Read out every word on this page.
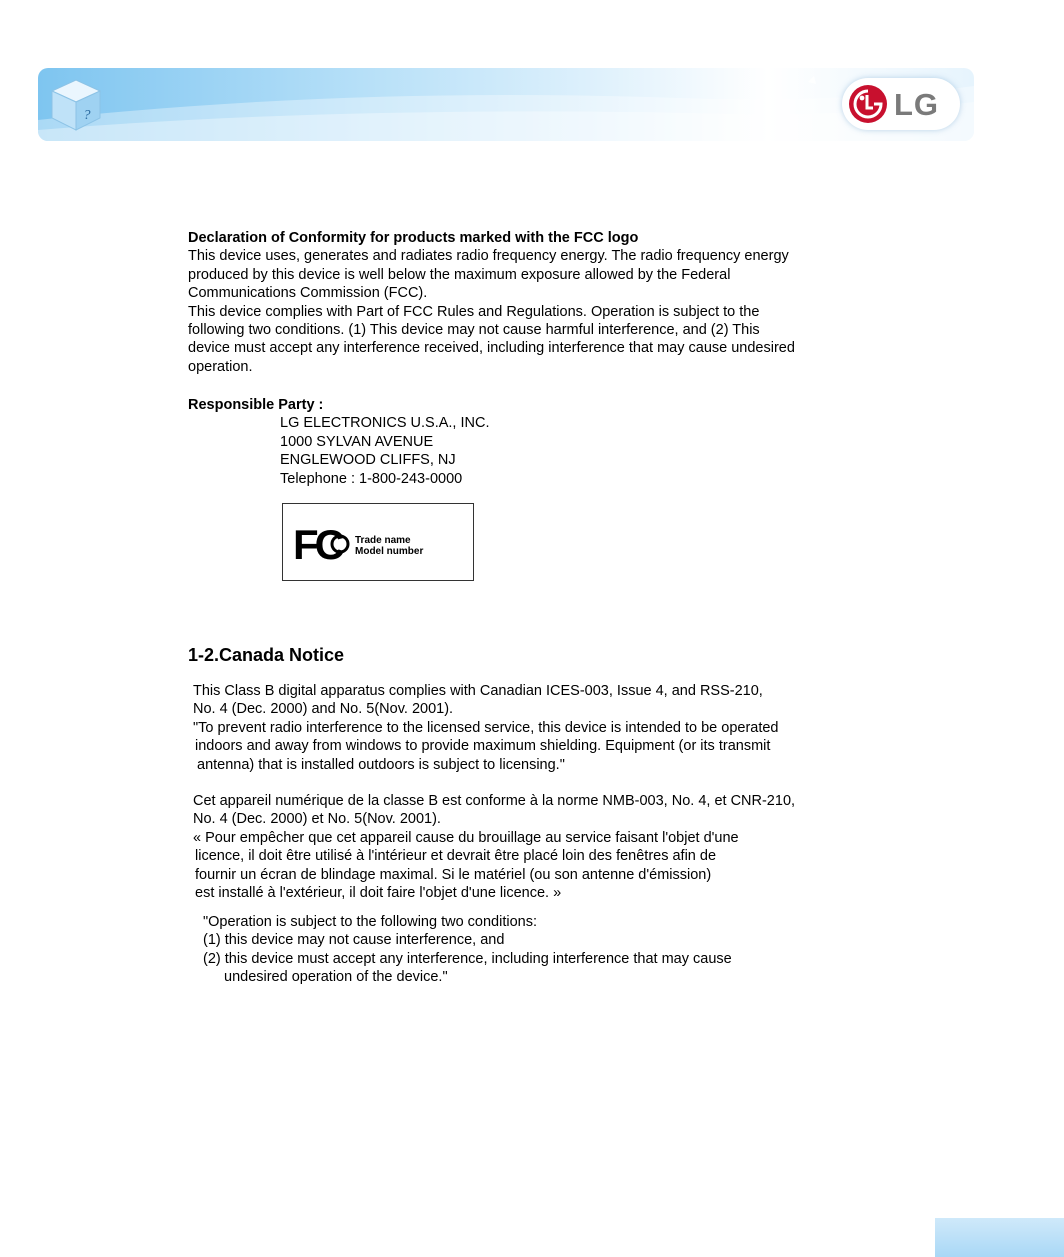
?	LG

Declaration of Conformity for products marked with the FCC logo

This device uses, generates and radiates radio frequency energy. The radio frequency energy

produced by this device is well below the maximum exposure allowed by the Federal

Communications Commission (FCC).

This device complies with Part of FCC Rules and Regulations. Operation is subject to the

following two conditions. (1) This device may not cause harmful interference, and (2) This

device must accept any interference received, including interference that may cause undesired

operation.

Responsible Party :

LG ELECTRONICS U.S.A., INC.

1000 SYLVAN AVENUE

ENGLEWOOD CLIFFS, NJ

Telephone : 1-800-243-0000

FC	Trade name
Model number
1-2.Canada Notice

This Class B digital apparatus complies with Canadian ICES-003, Issue 4, and RSS-210,

No. 4 (Dec. 2000) and No. 5(Nov. 2001).

"To prevent radio interference to the licensed service, this device is intended to be operated

indoors and away from windows to provide maximum shielding. Equipment (or its transmit

antenna) that is installed outdoors is subject to licensing."

Cet appareil numérique de la classe B est conforme à la norme NMB-003, No. 4, et CNR-210,

No. 4 (Dec. 2000) et No. 5(Nov. 2001).

« Pour empêcher que cet appareil cause du brouillage au service faisant l'objet d'une

licence, il doit être utilisé à l'intérieur et devrait être placé loin des fenêtres afin de

fournir un écran de blindage maximal. Si le matériel (ou son antenne d'émission)

est installé à l'extérieur, il doit faire l'objet d'une licence. »

"Operation is subject to the following two conditions:

(1) this device may not cause interference, and

(2) this device must accept any interference, including interference that may cause

undesired operation of the device."
